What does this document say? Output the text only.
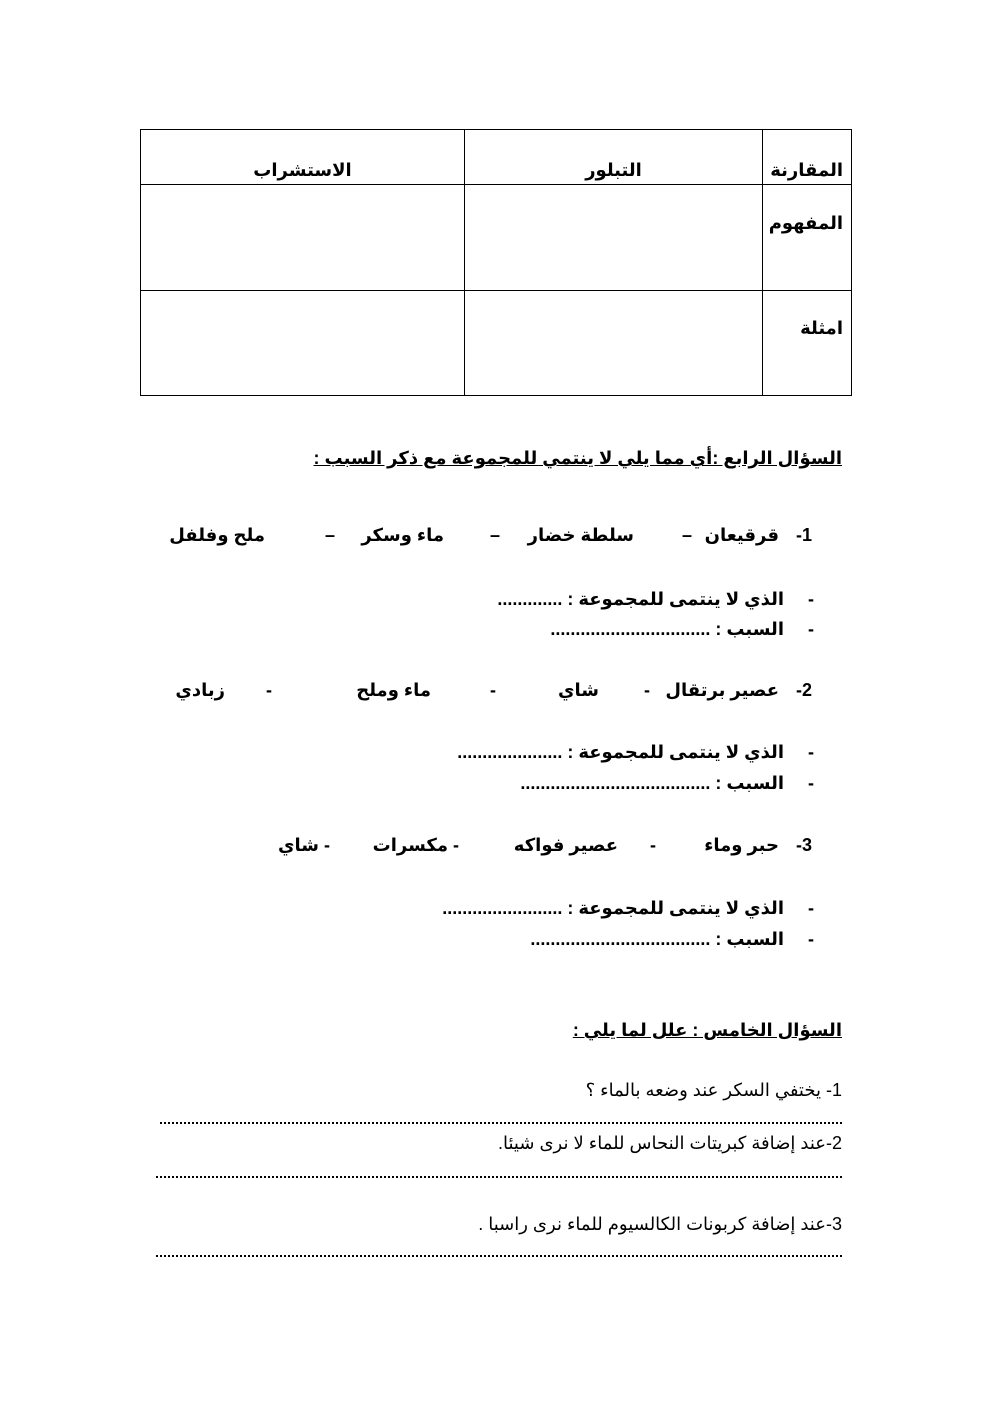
الاستشراب	التبلور	المقارنة

		المفهوم

		امثلة
السؤال الرابع :أي مما يلي لا ينتمي للمجموعة مع ذكر السبب :
1-
قرقيعان
–
سلطة خضار
–
ماء وسكر
–
ملح وفلفل
-
الذي لا ينتمى للمجموعة : .............
-
السبب : ................................
2-
عصير برتقال
-
شاي
-
ماء وملح
-
زبادي
-
الذي لا ينتمى للمجموعة : .....................
-
السبب : ......................................
3-
حبر وماء
-
عصير فواكه
- مكسرات
- شاي
-
الذي لا ينتمى للمجموعة : ........................
-
السبب : ....................................
السؤال الخامس : علل لما يلي :
1- يختفي السكر عند وضعه بالماء ؟
2-عند إضافة كبريتات النحاس للماء لا نرى شيئا.
3-عند إضافة كربونات الكالسيوم للماء نرى راسبا .
